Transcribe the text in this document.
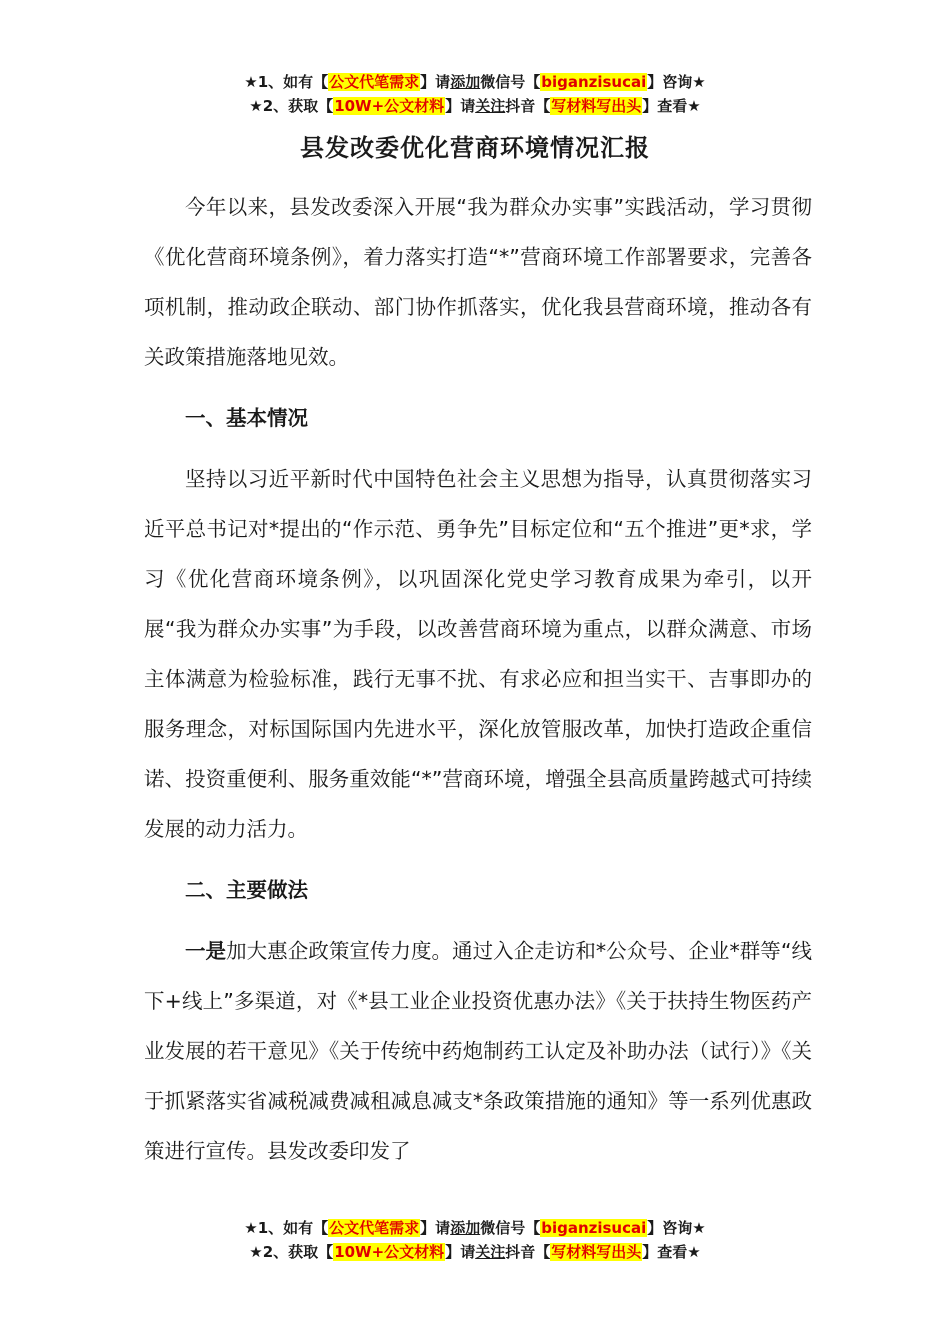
★1、如有【公文代笔需求】请添加微信号【biganzisucai】咨询★
★2、获取【10W+公文材料】请关注抖音【写材料写出头】查看★
县发改委优化营商环境情况汇报

今年以来，县发改委深入开展“我为群众办实事”实践活动，学习贯彻《优化营商环境条例》，着力落实打造“*”营商环境工作部署要求，完善各项机制，推动政企联动、部门协作抓落实，优化我县营商环境，推动各有关政策措施落地见效。

一、基本情况

坚持以习近平新时代中国特色社会主义思想为指导，认真贯彻落实习近平总书记对*提出的“作示范、勇争先”目标定位和“五个推进”更*求，学习《优化营商环境条例》，以巩固深化党史学习教育成果为牵引，以开展“我为群众办实事”为手段，以改善营商环境为重点，以群众满意、市场主体满意为检验标准，践行无事不扰、有求必应和担当实干、吉事即办的服务理念，对标国际国内先进水平，深化放管服改革，加快打造政企重信诺、投资重便利、服务重效能“*”营商环境，增强全县高质量跨越式可持续发展的动力活力。

二、主要做法

一是加大惠企政策宣传力度。通过入企走访和*公众号、企业*群等“线下+线上”多渠道，对《*县工业企业投资优惠办法》《关于扶持生物医药产业发展的若干意见》《关于传统中药炮制药工认定及补助办法（试行）》《关于抓紧落实省减税减费减租减息减支*条政策措施的通知》等一系列优惠政策进行宣传。县发改委印发了

★1、如有【公文代笔需求】请添加微信号【biganzisucai】咨询★
★2、获取【10W+公文材料】请关注抖音【写材料写出头】查看★
